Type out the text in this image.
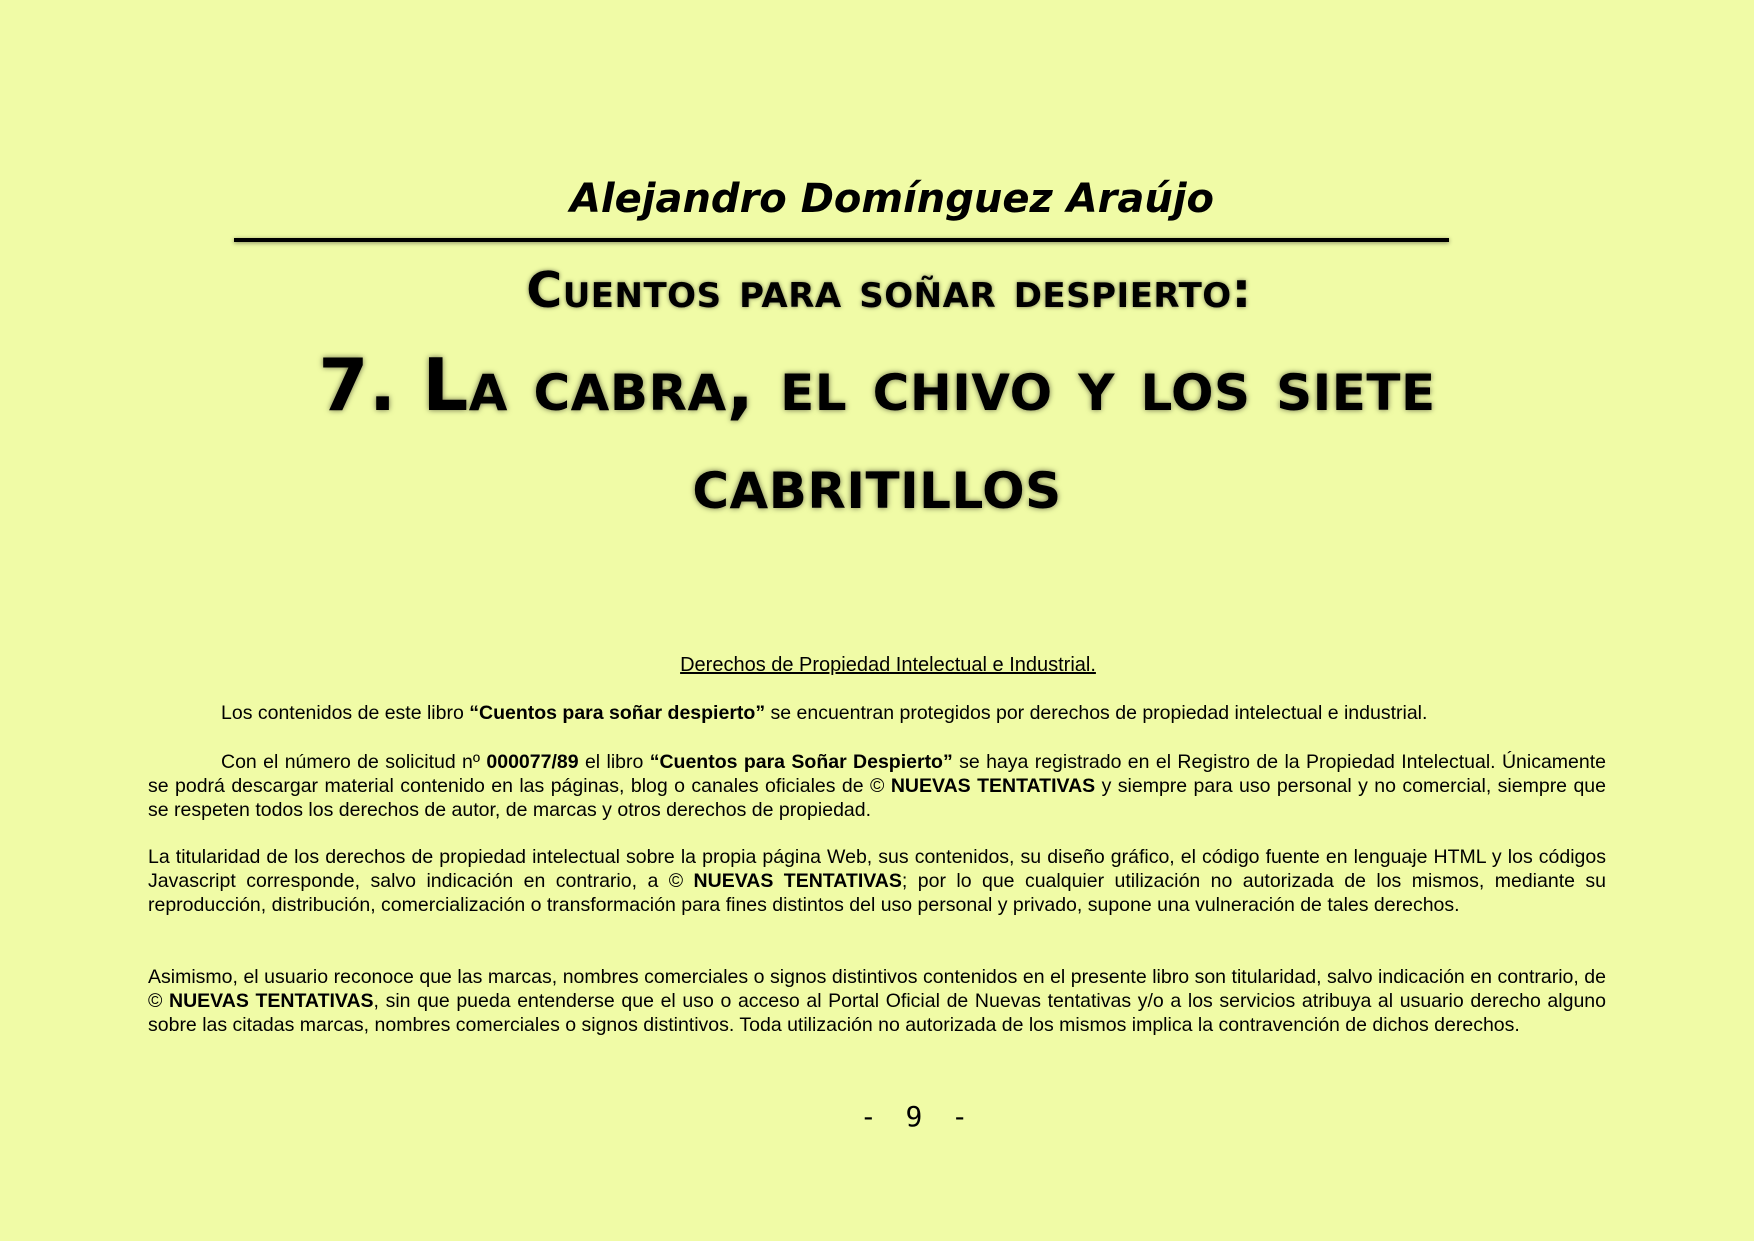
Alejandro Domínguez Araújo
Cuentos para soñar despierto:
7. La cabra, el chivo y los siete
cabritillos
Derechos de Propiedad Intelectual e Industrial.
Los contenidos de este libro “Cuentos para soñar despierto” se encuentran protegidos por derechos de propiedad intelectual e industrial.
Con el número de solicitud nº 000077/89 el libro “Cuentos para Soñar Despierto” se haya registrado en el Registro de la Propiedad Intelectual. Únicamente se podrá descargar material contenido en las páginas, blog o canales oficiales de © NUEVAS TENTATIVAS y siempre para uso personal y no comercial, siempre que se respeten todos los derechos de autor, de marcas y otros derechos de propiedad.
La titularidad de los derechos de propiedad intelectual sobre la propia página Web, sus contenidos, su diseño gráfico, el código fuente en lenguaje HTML y los códigos Javascript corresponde, salvo indicación en contrario, a © NUEVAS TENTATIVAS; por lo que cualquier utilización no autorizada de los mismos, mediante su reproducción, distribución, comercialización o transformación para fines distintos del uso personal y privado, supone una vulneración de tales derechos.
Asimismo, el usuario reconoce que las marcas, nombres comerciales o signos distintivos contenidos en el presente libro son titularidad, salvo indicación en contrario, de © NUEVAS TENTATIVAS, sin que pueda entenderse que el uso o acceso al Portal Oficial de Nuevas tentativas y/o a los servicios atribuya al usuario derecho alguno sobre las citadas marcas, nombres comerciales o signos distintivos. Toda utilización no autorizada de los mismos implica la contravención de dichos derechos.
- 9 -
